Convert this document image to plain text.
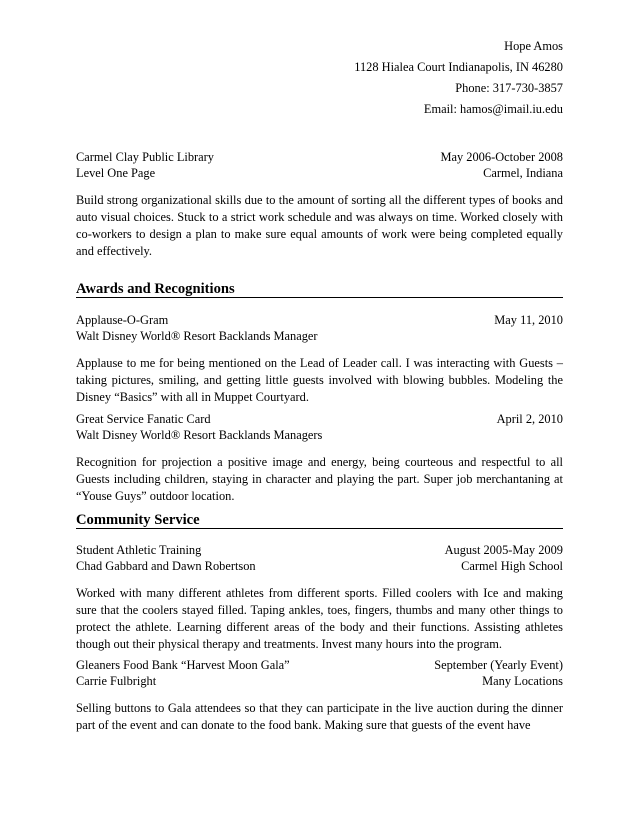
Hope Amos
1128 Hialea Court Indianapolis, IN 46280
Phone: 317-730-3857
Email: hamos@imail.iu.edu
Carmel Clay Public Library	May 2006-October 2008
Level One Page	Carmel, Indiana

Build strong organizational skills due to the amount of sorting all the different types of books and auto visual choices. Stuck to a strict work schedule and was always on time. Worked closely with co-workers to design a plan to make sure equal amounts of work were being completed equally and effectively.

Awards and Recognitions
Applause-O-Gram	May 11, 2010
Walt Disney World® Resort Backlands Manager

Applause to me for being mentioned on the Lead of Leader call. I was interacting with Guests – taking pictures, smiling, and getting little guests involved with blowing bubbles. Modeling the Disney “Basics” with all in Muppet Courtyard.

Great Service Fanatic Card	April 2, 2010
Walt Disney World® Resort Backlands Managers

Recognition for projection a positive image and energy, being courteous and respectful to all Guests including children, staying in character and playing the part. Super job merchantaning at “Youse Guys” outdoor location.

Community Service
Student Athletic Training	August 2005-May 2009
Chad Gabbard and Dawn Robertson	Carmel High School

Worked with many different athletes from different sports. Filled coolers with Ice and making sure that the coolers stayed filled. Taping ankles, toes, fingers, thumbs and many other things to protect the athlete. Learning different areas of the body and their functions. Assisting athletes though out their physical therapy and treatments. Invest many hours into the program.

Gleaners Food Bank “Harvest Moon Gala”	September (Yearly Event)
Carrie Fulbright	Many Locations

Selling buttons to Gala attendees so that they can participate in the live auction during the dinner part of the event and can donate to the food bank. Making sure that guests of the event have
